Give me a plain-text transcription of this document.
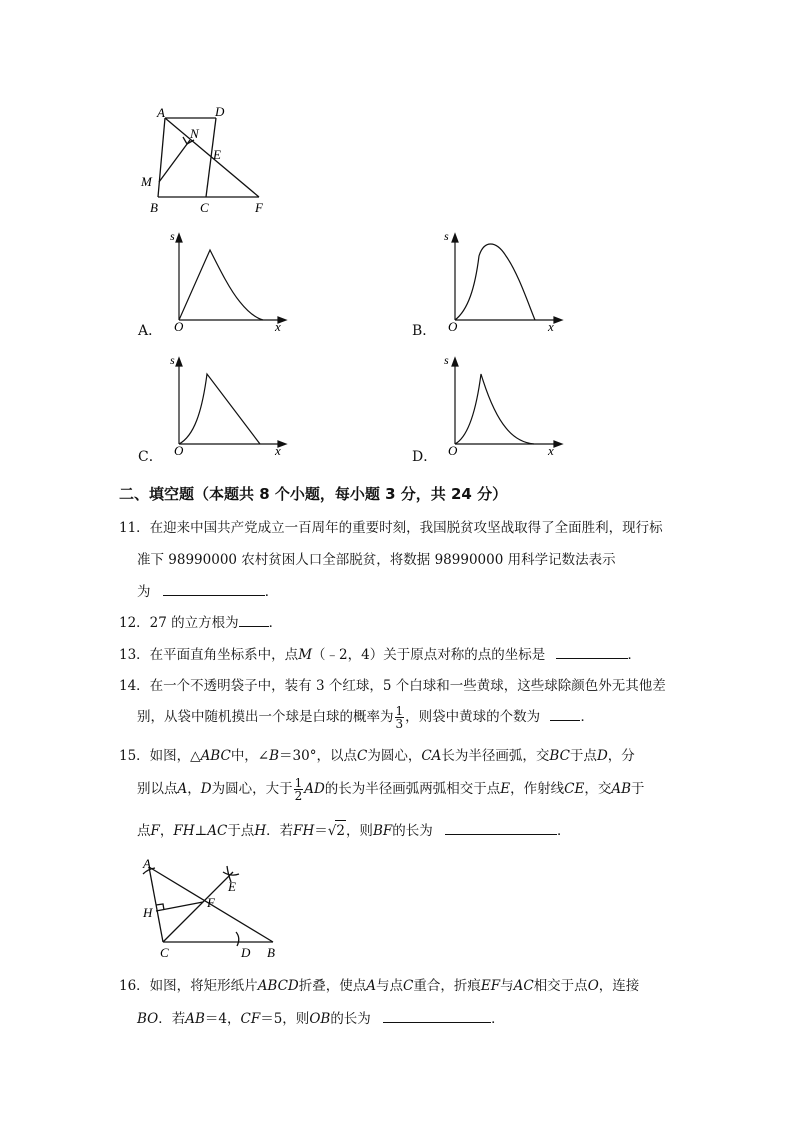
A	D
N
E
M
B	C	F
A．
s
O	x	B．
s
O	x
C．
s
O	x	D．
s
O	x
二、填空题（本题共 8 个小题，每小题 3 分，共 24 分）
11．在迎来中国共产党成立一百周年的重要时刻，我国脱贫攻坚战取得了全面胜利，现行标
准下 98990000 农村贫困人口全部脱贫，将数据 98990000 用科学记数法表示
为	．
12．27 的立方根为 ．
13．在平面直角坐标系中，点M（﹣2，4）关于原点对称的点的坐标是	．
14．在一个不透明袋子中，装有 3 个红球，5 个白球和一些黄球，这些球除颜色外无其他差
别，从袋中随机摸出一个球是白球的概率为 $\frac{1}{3}$ ，则袋中黄球的个数为	．
15．如图，△ABC中，∠B＝30°，以点C为圆心，CA长为半径画弧，交BC于点D，分
别以点A，D为圆心，大于 $\frac{1}{2}$ AD的长为半径画弧两弧相交于点E，作射线CE，交AB于
点F，FH⊥AC于点H．若FH＝√2，则BF的长为	．
A
E
F
H
C	D B
16．如图，将矩形纸片ABCD折叠，使点A与点C重合，折痕EF与AC相交于点O，连接
BO．若AB＝4，CF＝5，则OB的长为	．
